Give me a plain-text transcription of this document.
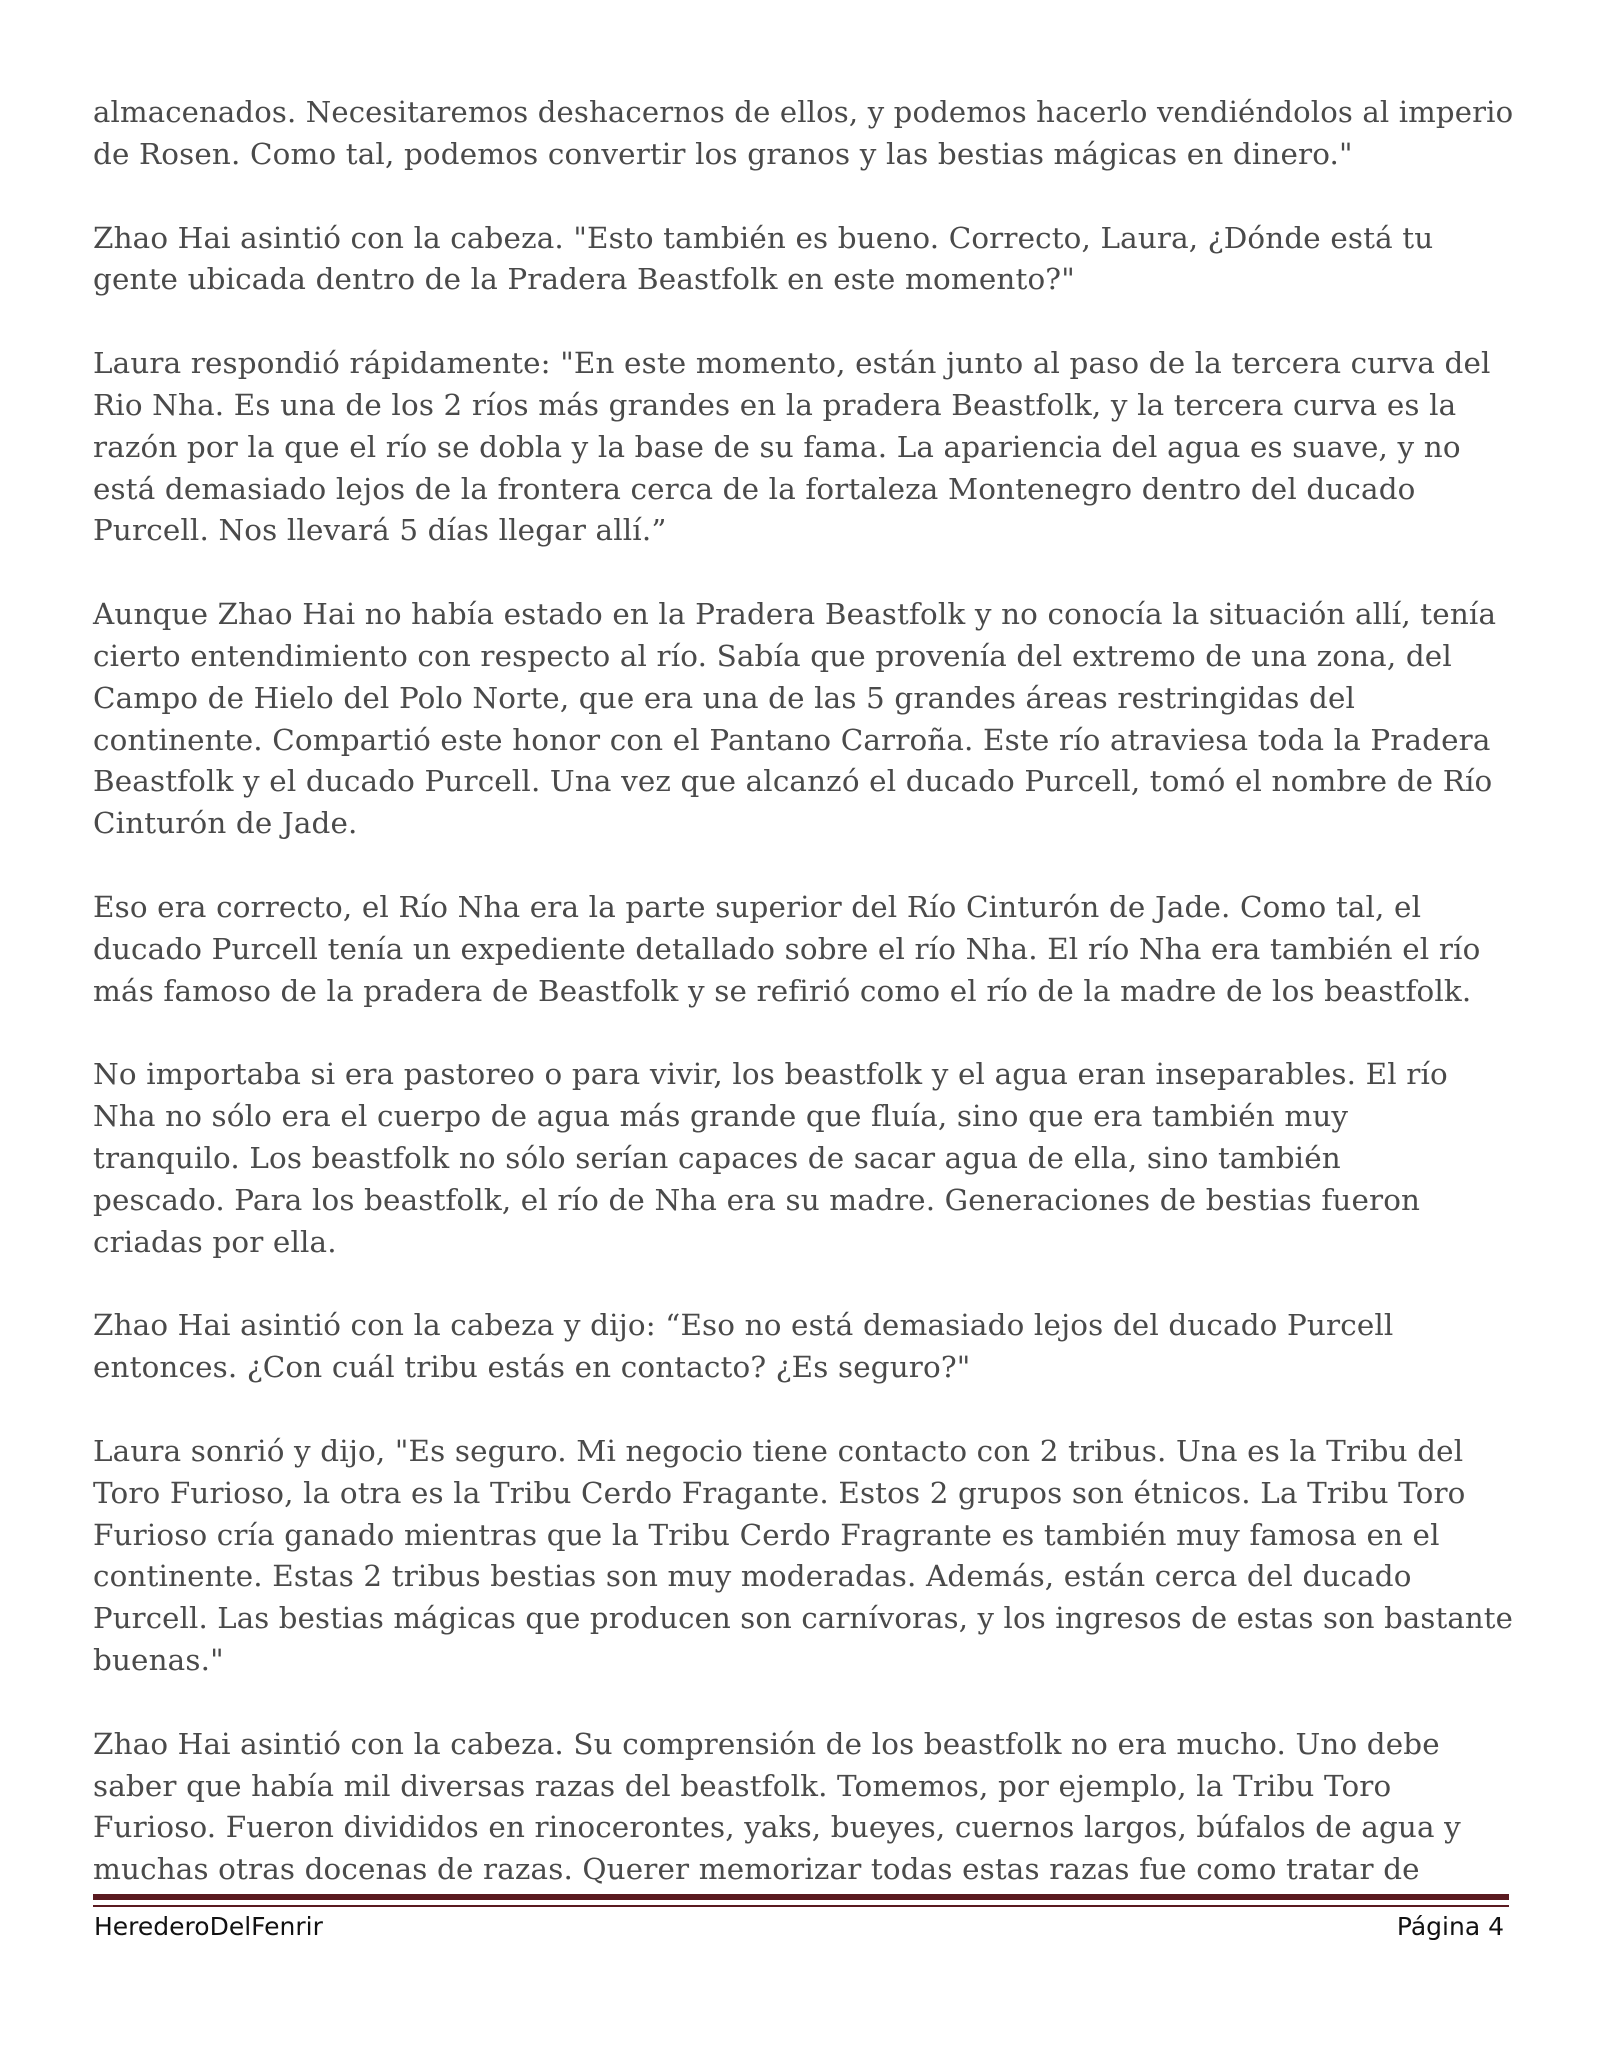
almacenados. Necesitaremos deshacernos de ellos, y podemos hacerlo vendiéndolos al imperio
de Rosen. Como tal, podemos convertir los granos y las bestias mágicas en dinero."

Zhao Hai asintió con la cabeza. "Esto también es bueno. Correcto, Laura, ¿Dónde está tu
gente ubicada dentro de la Pradera Beastfolk en este momento?"

Laura respondió rápidamente: "En este momento, están junto al paso de la tercera curva del
Rio Nha. Es una de los 2 ríos más grandes en la pradera Beastfolk, y la tercera curva es la
razón por la que el río se dobla y la base de su fama. La apariencia del agua es suave, y no
está demasiado lejos de la frontera cerca de la fortaleza Montenegro dentro del ducado
Purcell. Nos llevará 5 días llegar allí.”

Aunque Zhao Hai no había estado en la Pradera Beastfolk y no conocía la situación allí, tenía
cierto entendimiento con respecto al río. Sabía que provenía del extremo de una zona, del
Campo de Hielo del Polo Norte, que era una de las 5 grandes áreas restringidas del
continente. Compartió este honor con el Pantano Carroña. Este río atraviesa toda la Pradera
Beastfolk y el ducado Purcell. Una vez que alcanzó el ducado Purcell, tomó el nombre de Río
Cinturón de Jade.

Eso era correcto, el Río Nha era la parte superior del Río Cinturón de Jade. Como tal, el
ducado Purcell tenía un expediente detallado sobre el río Nha. El río Nha era también el río
más famoso de la pradera de Beastfolk y se refirió como el río de la madre de los beastfolk.

No importaba si era pastoreo o para vivir, los beastfolk y el agua eran inseparables. El río
Nha no sólo era el cuerpo de agua más grande que fluía, sino que era también muy
tranquilo. Los beastfolk no sólo serían capaces de sacar agua de ella, sino también
pescado. Para los beastfolk, el río de Nha era su madre. Generaciones de bestias fueron
criadas por ella.

Zhao Hai asintió con la cabeza y dijo: “Eso no está demasiado lejos del ducado Purcell
entonces. ¿Con cuál tribu estás en contacto? ¿Es seguro?"

Laura sonrió y dijo, "Es seguro. Mi negocio tiene contacto con 2 tribus. Una es la Tribu del
Toro Furioso, la otra es la Tribu Cerdo Fragante. Estos 2 grupos son étnicos. La Tribu Toro
Furioso cría ganado mientras que la Tribu Cerdo Fragrante es también muy famosa en el
continente. Estas 2 tribus bestias son muy moderadas. Además, están cerca del ducado
Purcell. Las bestias mágicas que producen son carnívoras, y los ingresos de estas son bastante
buenas."

Zhao Hai asintió con la cabeza. Su comprensión de los beastfolk no era mucho. Uno debe
saber que había mil diversas razas del beastfolk. Tomemos, por ejemplo, la Tribu Toro
Furioso. Fueron divididos en rinocerontes, yaks, bueyes, cuernos largos, búfalos de agua y
muchas otras docenas de razas. Querer memorizar todas estas razas fue como tratar de

HerederoDelFenrir	Página 4
